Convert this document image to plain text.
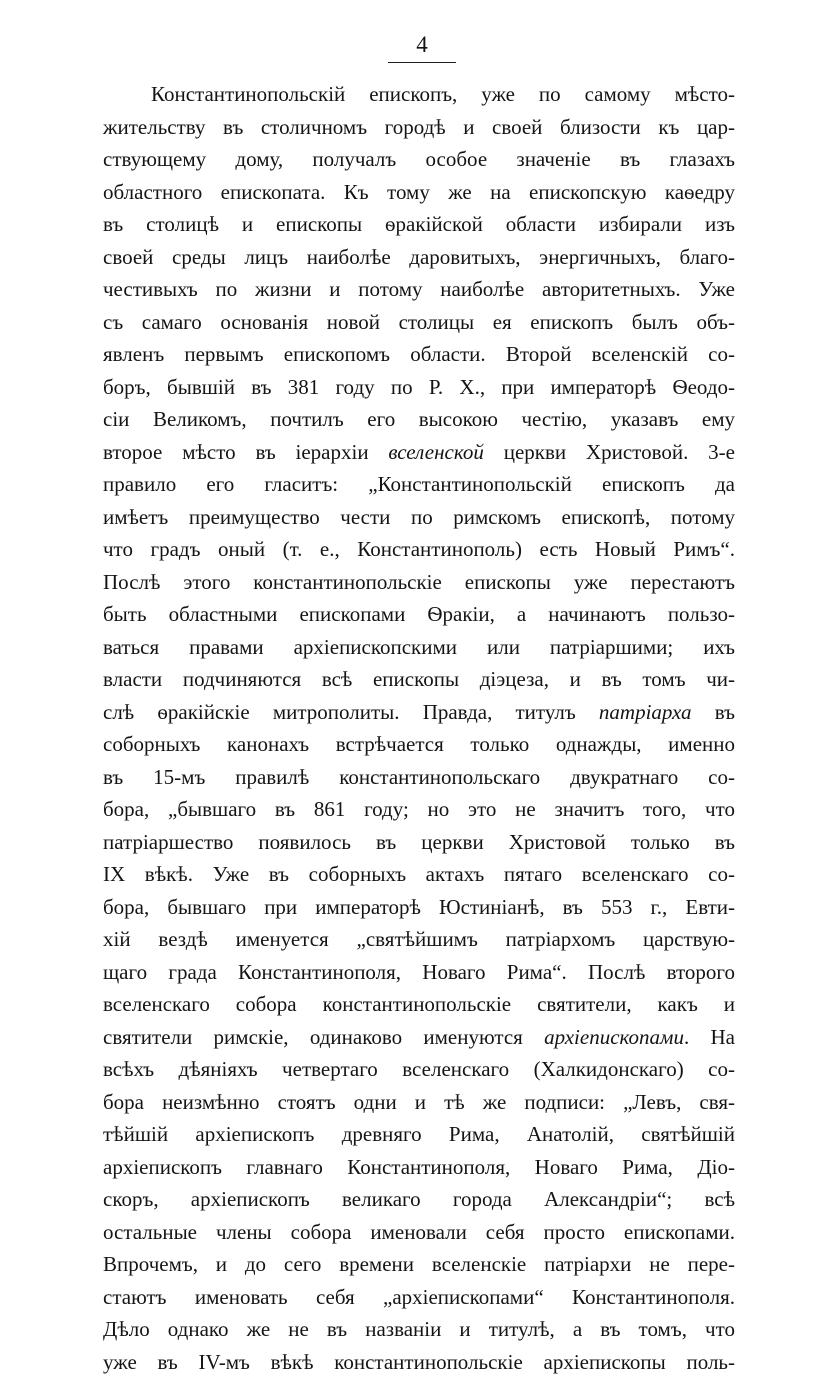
4
Константинопольскій епископъ, уже по самому мѣсто-
жительству въ столичномъ городѣ и своей близости къ цар-
ствующему дому, получалъ особое значеніе въ глазахъ
областного епископата. Къ тому же на епископскую каѳедру
въ столицѣ и епископы ѳракійской области избирали изъ
своей среды лицъ наиболѣе даровитыхъ, энергичныхъ, благо-
честивыхъ по жизни и потому наиболѣе авторитетныхъ. Уже
съ самаго основанія новой столицы ея епископъ былъ объ-
явленъ первымъ епископомъ области. Второй вселенскій со-
боръ, бывшій въ 381 году по Р. Х., при императорѣ Ѳеодо-
сіи Великомъ, почтилъ его высокою честію, указавъ ему
второе мѣсто въ іерархіи вселенской церкви Христовой. 3-е
правило его гласитъ: „Константинопольскій епископъ да
имѣетъ преимущество чести по римскомъ епископѣ, потому
что градъ оный (т. е., Константинополь) есть Новый Римъ“.
Послѣ этого константинопольскіе епископы уже перестаютъ
быть областными епископами Ѳракіи, а начинаютъ пользо-
ваться правами архіепископскими или патріаршими; ихъ
власти подчиняются всѣ епископы діэцеза, и въ томъ чи-
слѣ ѳракійскіе митрополиты. Правда, титулъ патріарха въ
соборныхъ канонахъ встрѣчается только однажды, именно
въ 15-мъ правилѣ константинопольскаго двукратнаго со-
бора, „бывшаго въ 861 году; но это не значитъ того, что
патріаршество появилось въ церкви Христовой только въ
IX вѣкѣ. Уже въ соборныхъ актахъ пятаго вселенскаго со-
бора, бывшаго при императорѣ Юстиніанѣ, въ 553 г., Евти-
хій вездѣ именуется „святѣйшимъ патріархомъ царствую-
щаго града Константинополя, Новаго Рима“. Послѣ второго
вселенскаго собора константинопольскіе святители, какъ и
святители римскіе, одинаково именуются архіепископами. На
всѣхъ дѣяніяхъ четвертаго вселенскаго (Халкидонскаго) со-
бора неизмѣнно стоятъ одни и тѣ же подписи: „Левъ, свя-
тѣйшій архіепископъ древняго Рима, Анатолій, святѣйшій
архіепископъ главнаго Константинополя, Новаго Рима, Діо-
скоръ, архіепископъ великаго города Александріи“; всѣ
остальные члены собора именовали себя просто епископами.
Впрочемъ, и до сего времени вселенскіе патріархи не пере-
стаютъ именовать себя „архіепископами“ Константинополя.
Дѣло однако же не въ названіи и титулѣ, а въ томъ, что
уже въ IV-мъ вѣкѣ константинопольскіе архіепископы поль-
